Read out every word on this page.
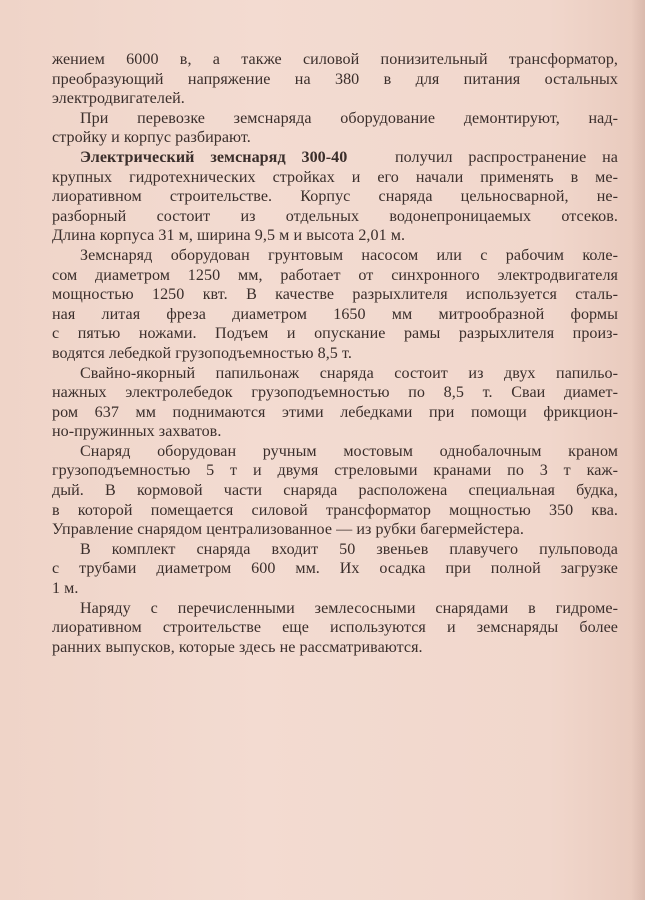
жением 6000 в, а также силовой понизительный трансформатор,
преобразующий напряжение на 380 в для питания остальных
электродвигателей.
При перевозке земснаряда оборудование демонтируют, над-
стройку и корпус разбирают.
Электрический земснаряд 300-40	получил распространение на
крупных гидротехнических стройках и его начали применять в ме-
лиоративном строительстве. Корпус снаряда цельносварной, не-
разборный состоит из отдельных водонепроницаемых отсеков.
Длина корпуса 31 м, ширина 9,5 м и высота 2,01 м.
Земснаряд оборудован грунтовым насосом или с рабочим коле-
сом диаметром 1250 мм, работает от синхронного электродвигателя
мощностью 1250 квт. В качестве разрыхлителя используется сталь-
ная литая фреза диаметром 1650 мм митрообразной формы
с пятью ножами. Подъем и опускание рамы разрыхлителя произ-
водятся лебедкой грузоподъемностью 8,5 т.
Свайно-якорный папильонаж снаряда состоит из двух папильо-
нажных электролебедок грузоподъемностью по 8,5 т. Сваи диамет-
ром 637 мм поднимаются этими лебедками при помощи фрикцион-
но-пружинных захватов.
Снаряд оборудован ручным мостовым однобалочным краном
грузоподъемностью 5 т и двумя стреловыми кранами по 3 т каж-
дый. В кормовой части снаряда расположена специальная будка,
в которой помещается силовой трансформатор мощностью 350 ква.
Управление снарядом централизованное — из рубки багермейстера.
В комплект снаряда входит 50 звеньев плавучего пульповода
с трубами диаметром 600 мм. Их осадка при полной загрузке
1 м.
Наряду с перечисленными землесосными снарядами в гидроме-
лиоративном строительстве еще используются и земснаряды более
ранних выпусков, которые здесь не рассматриваются.
